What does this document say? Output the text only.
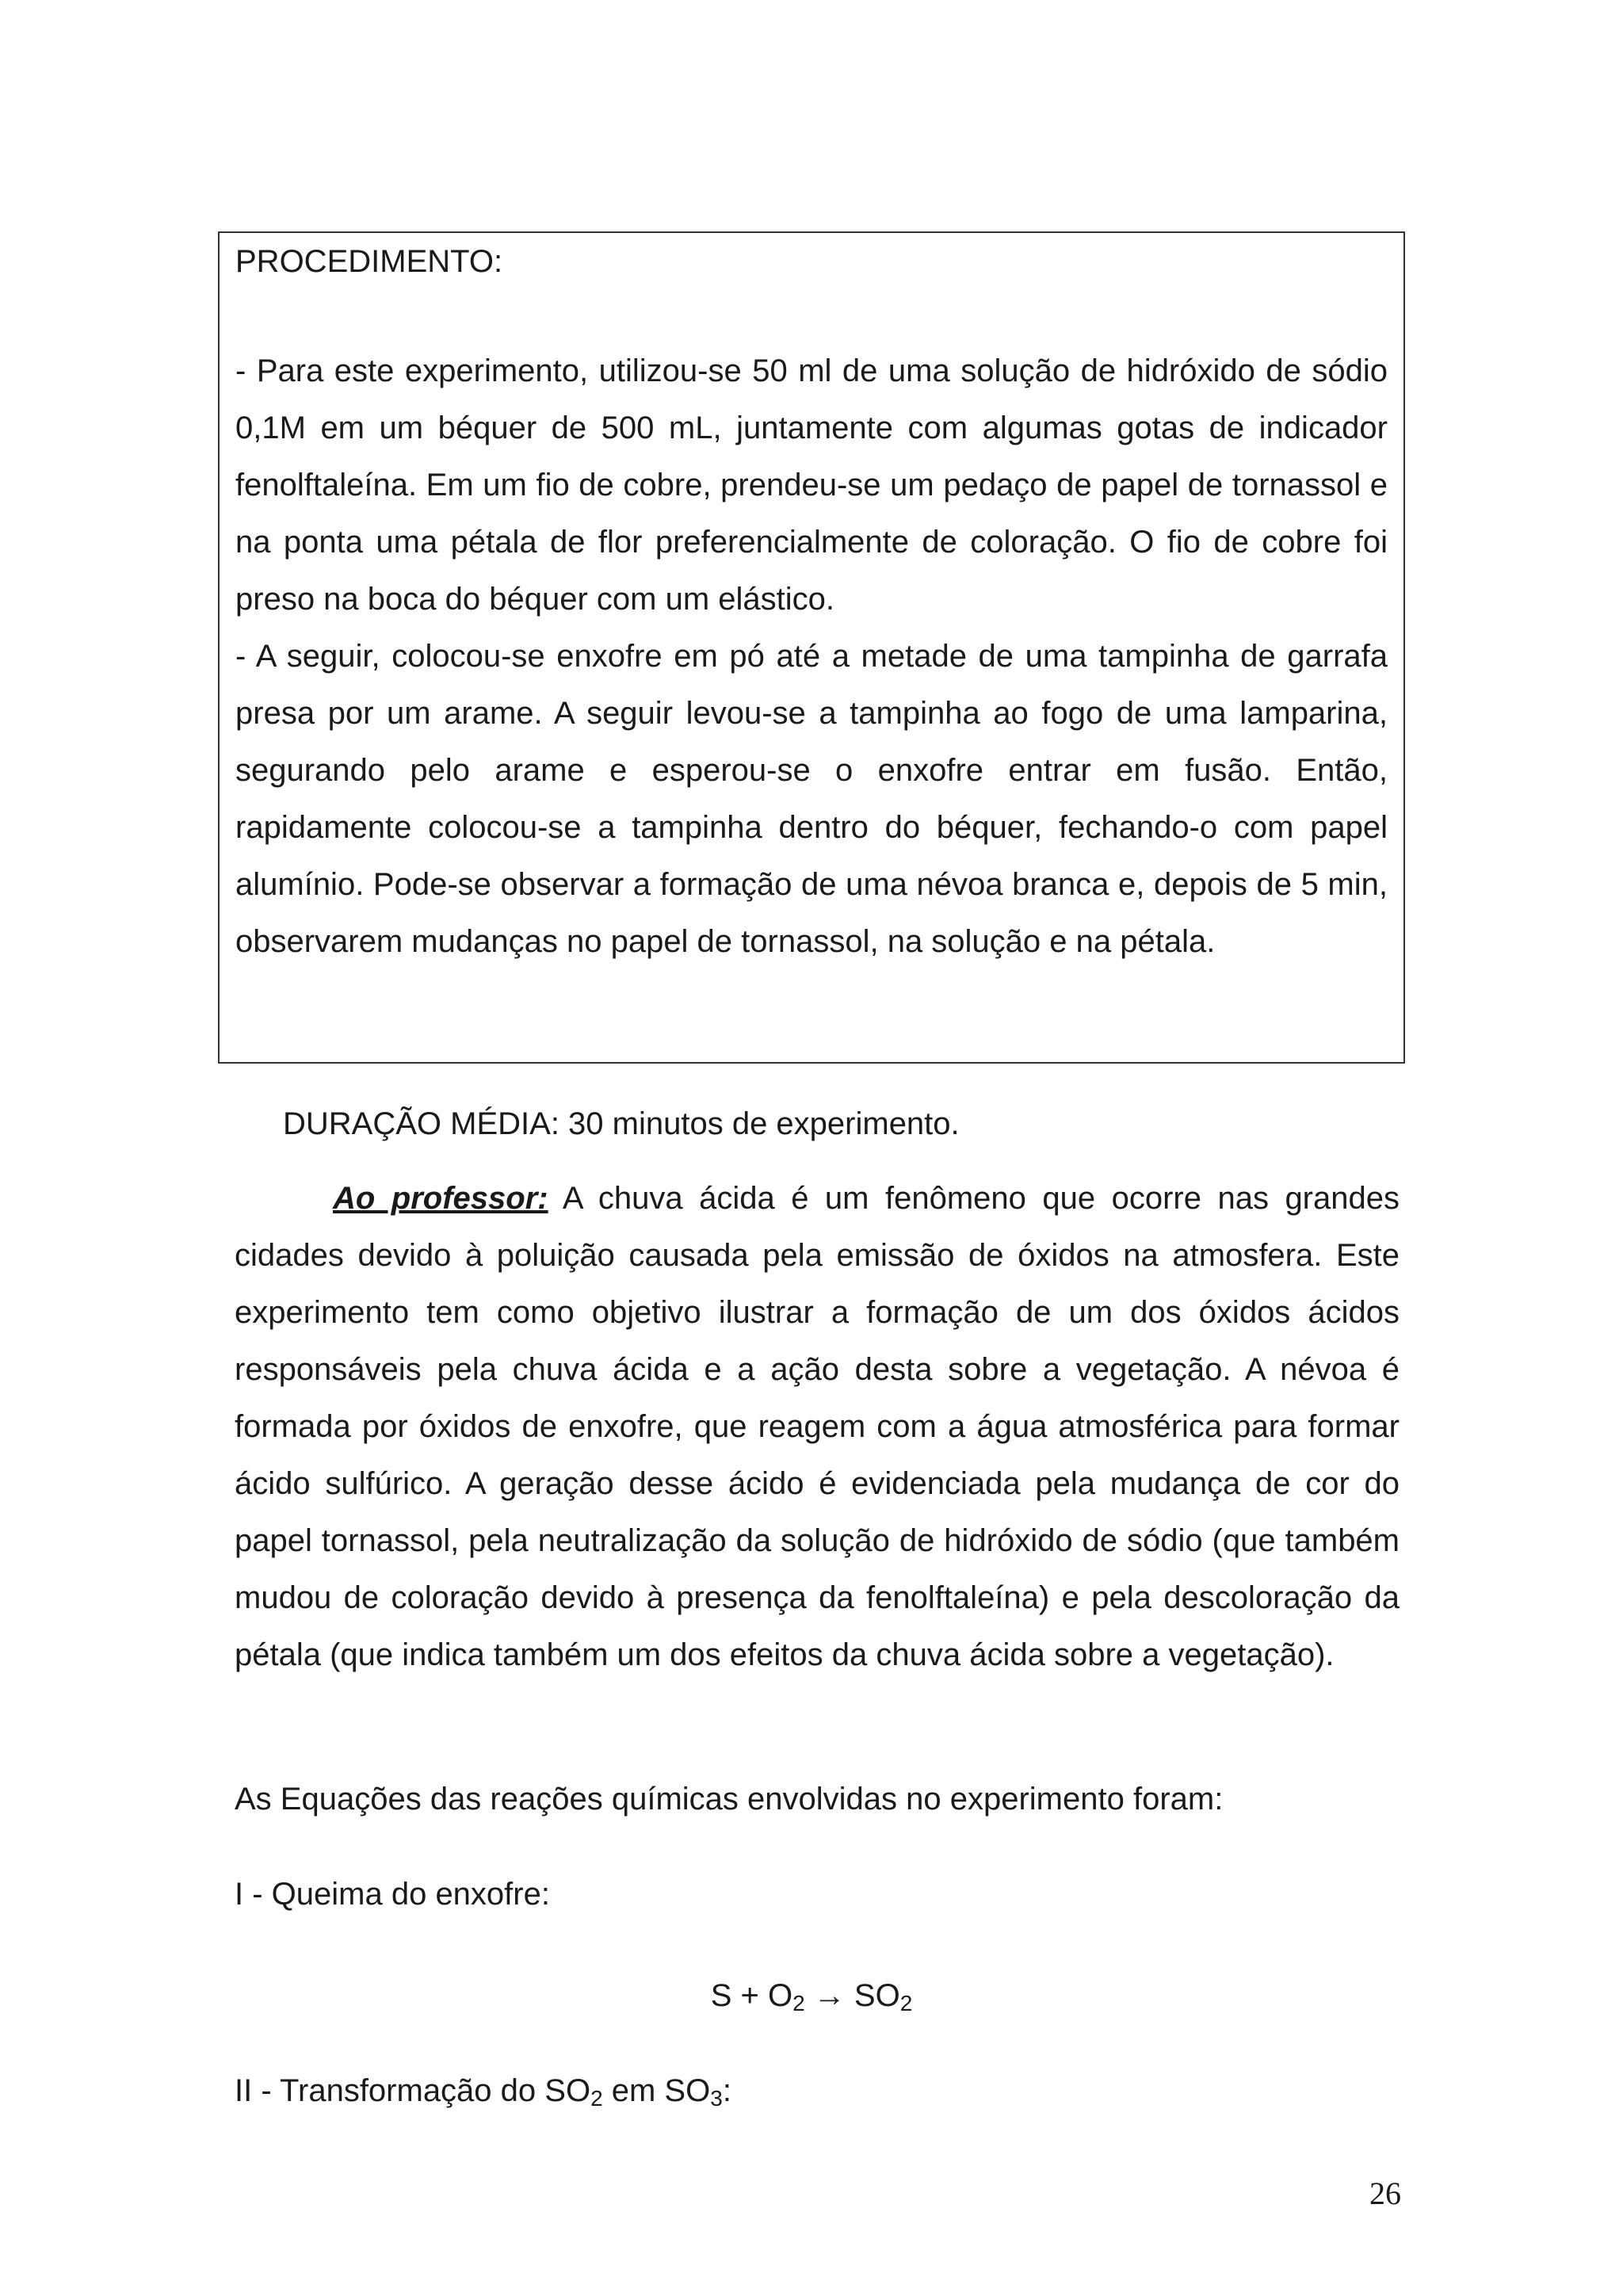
PROCEDIMENTO:

- Para este experimento, utilizou-se 50 ml de uma solução de hidróxido de sódio 0,1M em um béquer de 500 mL, juntamente com algumas gotas de indicador fenolftaleína. Em um fio de cobre, prendeu-se um pedaço de papel de tornassol e na ponta uma pétala de flor preferencialmente de coloração. O fio de cobre foi preso na boca do béquer com um elástico.

- A seguir, colocou-se enxofre em pó até a metade de uma tampinha de garrafa presa por um arame. A seguir levou-se a tampinha ao fogo de uma lamparina, segurando pelo arame e esperou-se o enxofre entrar em fusão. Então, rapidamente colocou-se a tampinha dentro do béquer, fechando-o com papel alumínio. Pode-se observar a formação de uma névoa branca e, depois de 5 min, observarem mudanças no papel de tornassol, na solução e na pétala.

DURAÇÃO MÉDIA: 30 minutos de experimento.

Ao professor: A chuva ácida é um fenômeno que ocorre nas grandes cidades devido à poluição causada pela emissão de óxidos na atmosfera. Este experimento tem como objetivo ilustrar a formação de um dos óxidos ácidos responsáveis pela chuva ácida e a ação desta sobre a vegetação. A névoa é formada por óxidos de enxofre, que reagem com a água atmosférica para formar ácido sulfúrico. A geração desse ácido é evidenciada pela mudança de cor do papel tornassol, pela neutralização da solução de hidróxido de sódio (que também mudou de coloração devido à presença da fenolftaleína) e pela descoloração da pétala (que indica também um dos efeitos da chuva ácida sobre a vegetação).

As Equações das reações químicas envolvidas no experimento foram:

I - Queima do enxofre:

$S + O_2 \to SO_2$

II - Transformação do $SO_2$ em $SO_3$:

26
